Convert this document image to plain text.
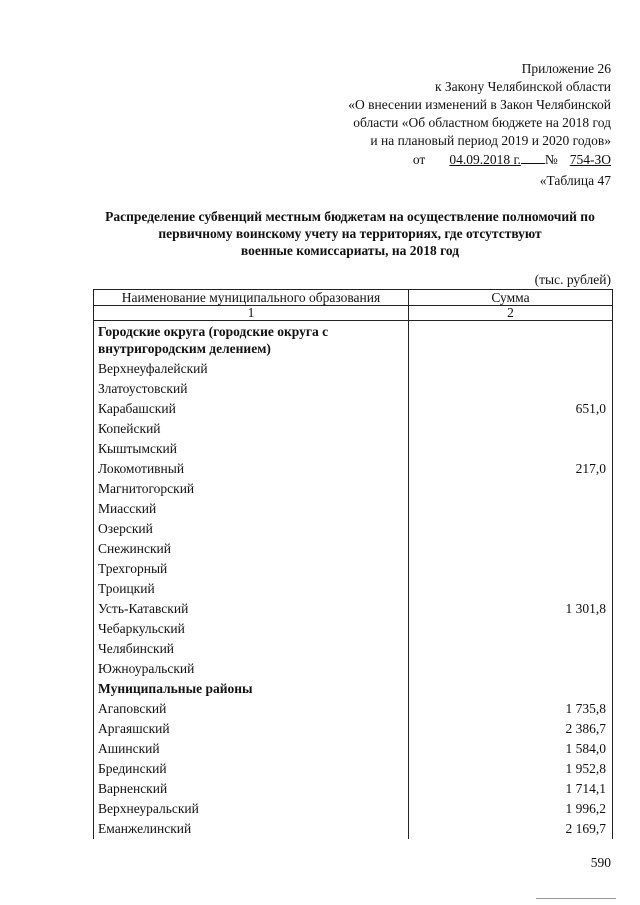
Приложение 26
к Закону Челябинской области
«О внесении изменений в Закон Челябинской
области «Об областном бюджете на 2018 год
и на плановый период 2019 и 2020 годов»
от 04.09.2018 г. № 754-ЗО
«Таблица 47
Распределение субвенций местным бюджетам на осуществление полномочий по
первичному воинскому учету на территориях, где отсутствуют
военные комиссариаты, на 2018 год
(тыс. рублей)
Наименование муниципального образования	Сумма
1	2
Городские округа (городские округа с внутригородским делением)	
Верхнеуфалейский	
Златоустовский	
Карабашский	651,0
Копейский	
Кыштымский	
Локомотивный	217,0
Магнитогорский	
Миасский	
Озерский	
Снежинский	
Трехгорный	
Троицкий	
Усть-Катавский	1 301,8
Чебаркульский	
Челябинский	
Южноуральский	
Муниципальные районы	
Агаповский	1 735,8
Аргаяшский	2 386,7
Ашинский	1 584,0
Брединский	1 952,8
Варненский	1 714,1
Верхнеуральский	1 996,2
Еманжелинский	2 169,7
590
